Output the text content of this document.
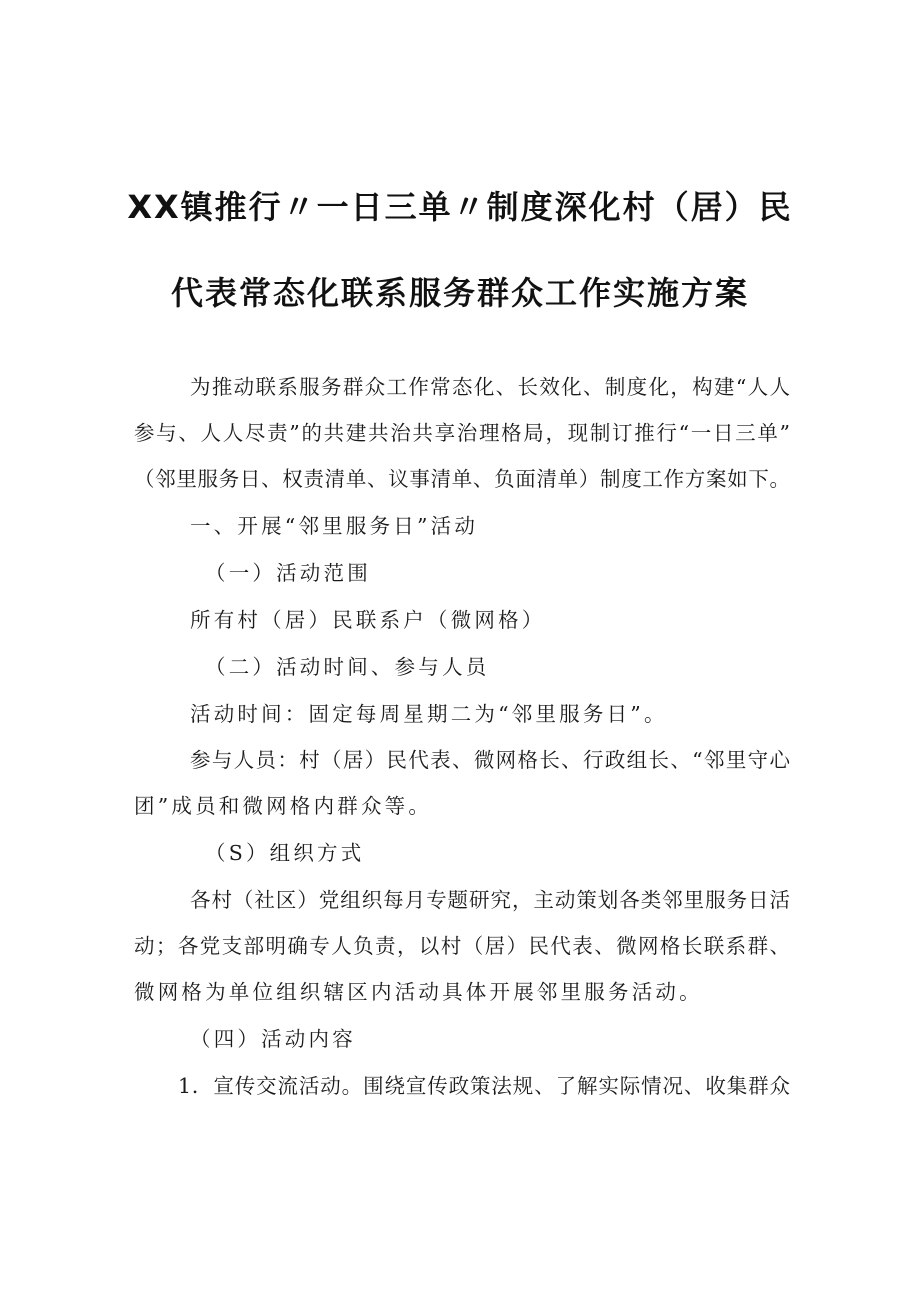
XX镇推行〃一日三单〃制度深化村（居）民
代表常态化联系服务群众工作实施方案
为推动联系服务群众工作常态化、长效化、制度化，构建“人人
参与、人人尽责”的共建共治共享治理格局，现制订推行“一日三单”
（邻里服务日、权责清单、议事清单、负面清单）制度工作方案如下。
一、开展“邻里服务日”活动
（一）活动范围
所有村（居）民联系户（微网格）
（二）活动时间、参与人员
活动时间：固定每周星期二为“邻里服务日”。
参与人员：村（居）民代表、微网格长、行政组长、“邻里守心
团”成员和微网格内群众等。
（S）组织方式
各村（社区）党组织每月专题研究，主动策划各类邻里服务日活
动；各党支部明确专人负责，以村（居）民代表、微网格长联系群、
微网格为单位组织辖区内活动具体开展邻里服务活动。
（四）活动内容
1．宣传交流活动。围绕宣传政策法规、了解实际情况、收集群众
